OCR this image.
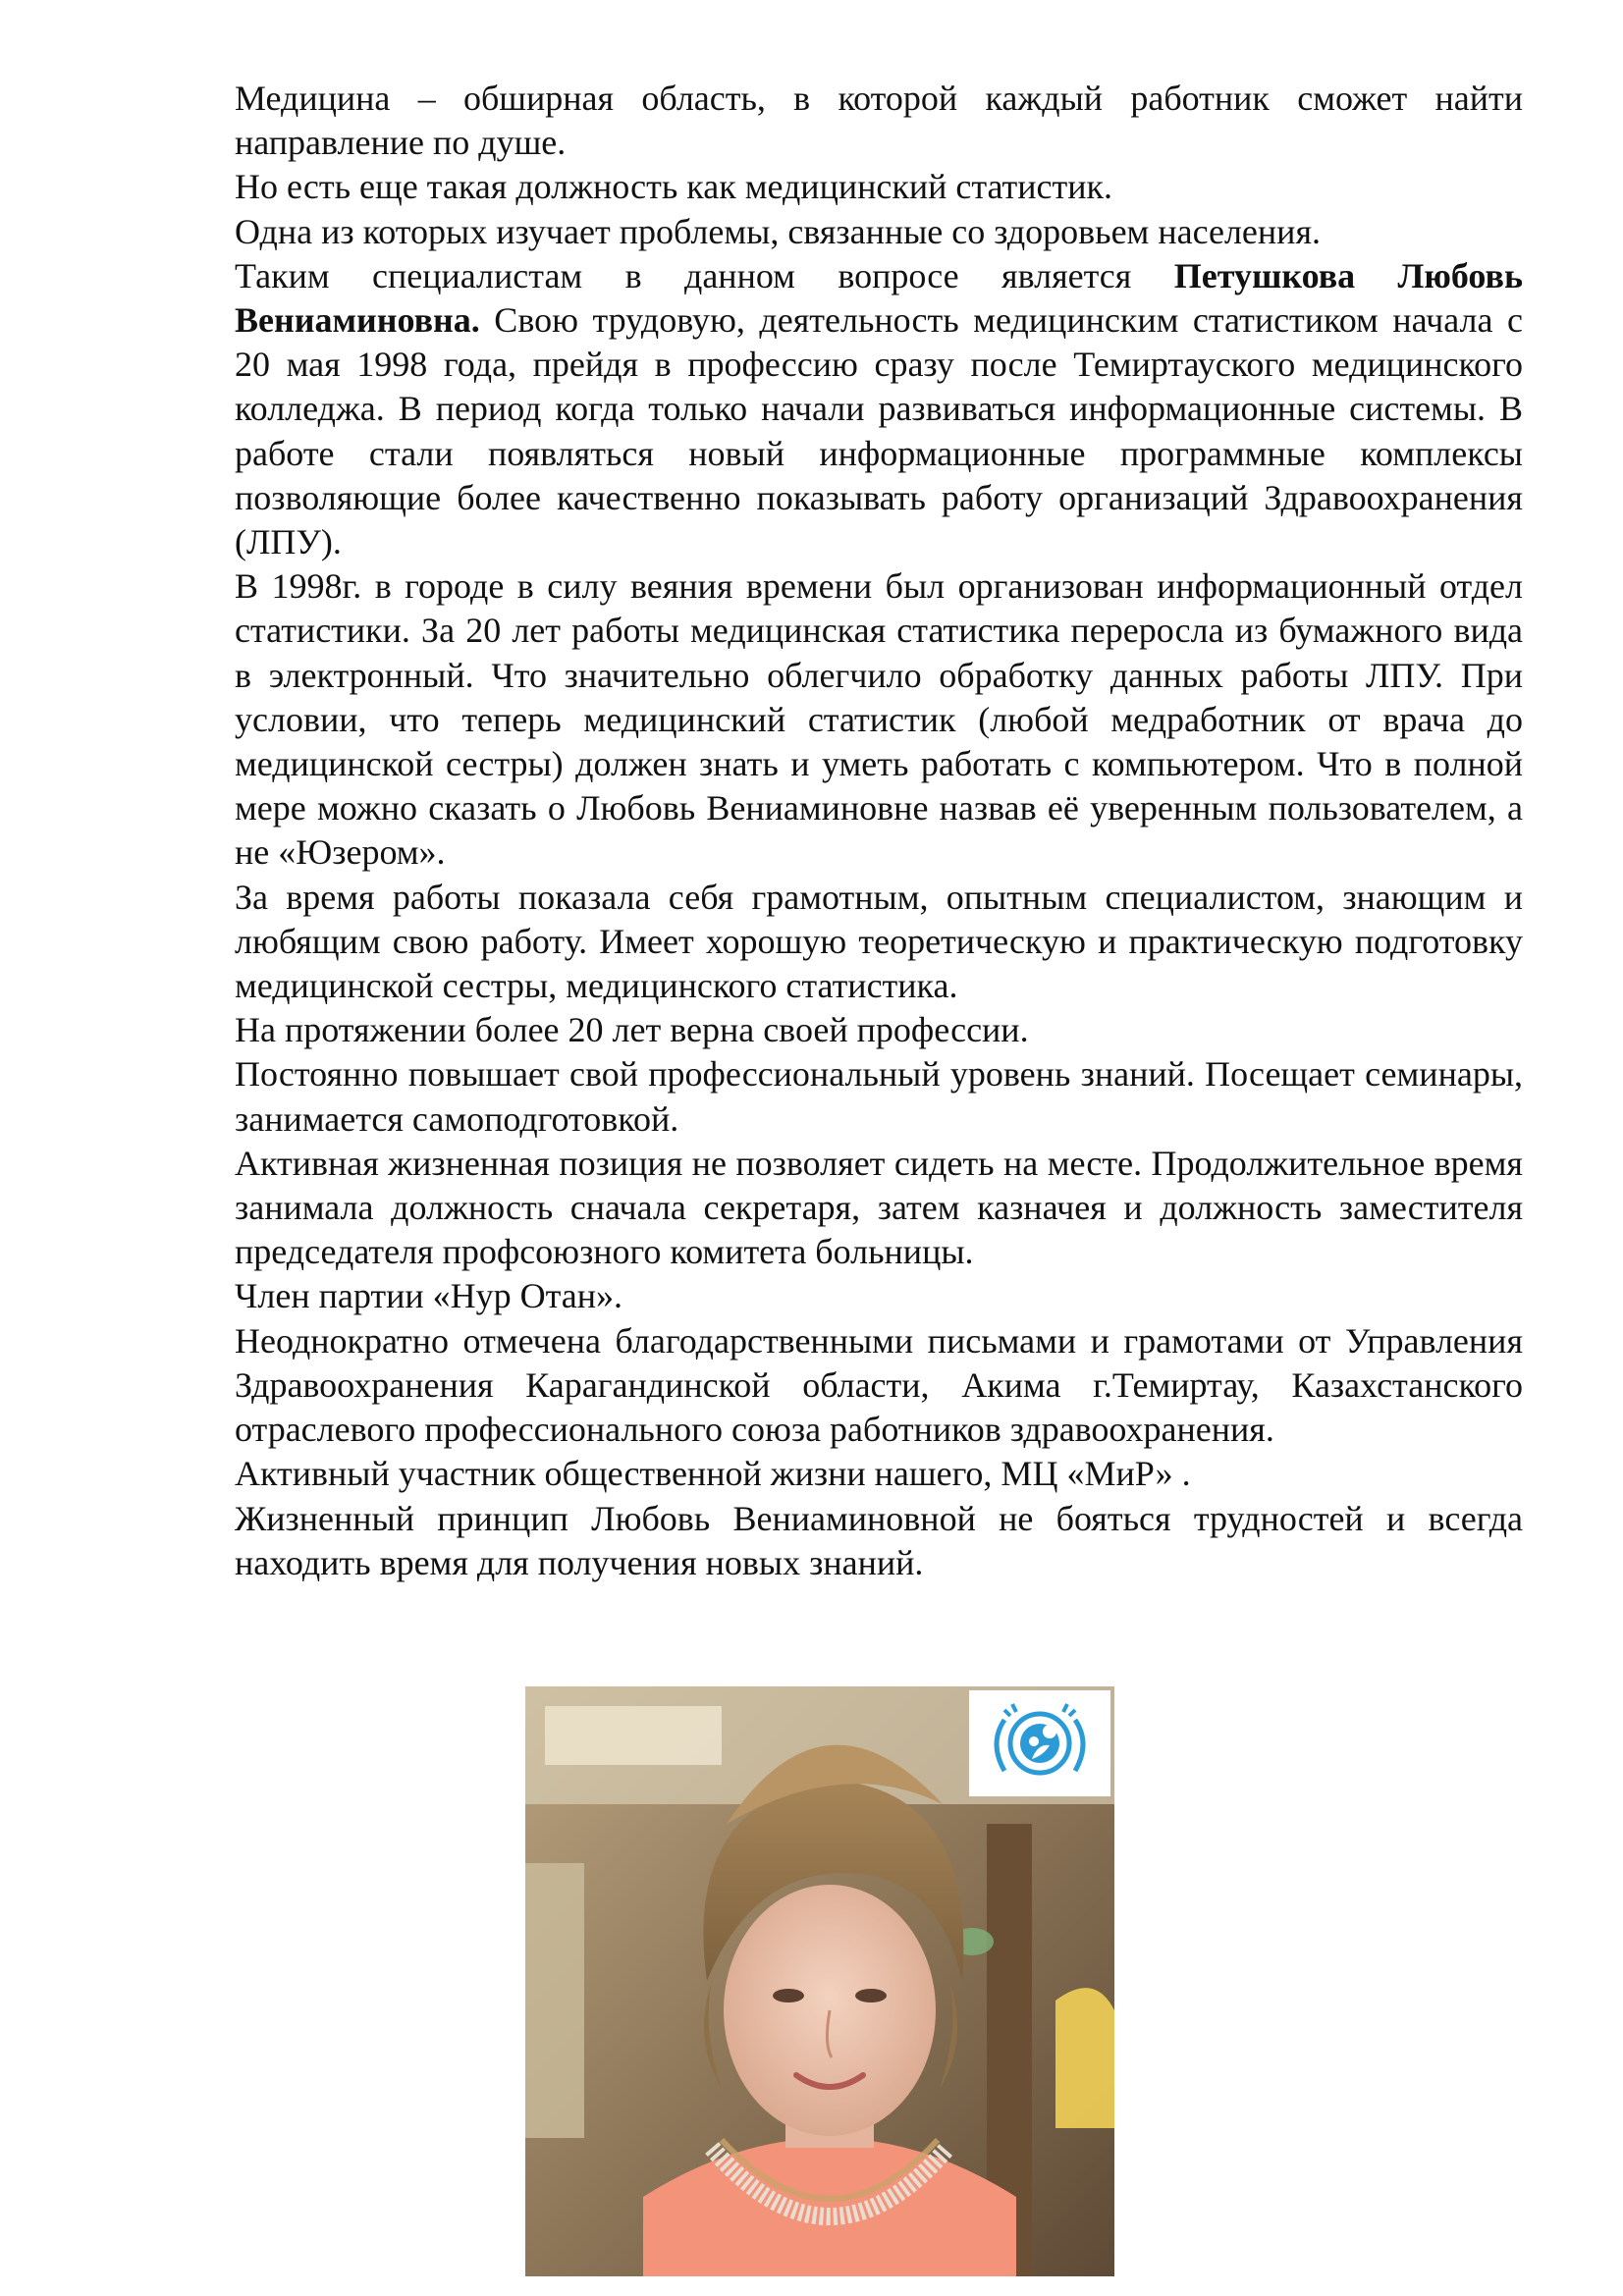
Медицина – обширная область, в которой каждый работник сможет найти направление по душе.

Но есть еще такая должность как медицинский статистик.

Одна из которых изучает проблемы, связанные со здоровьем населения.

Таким специалистам в данном вопросе является Петушкова Любовь Вениаминовна. Свою трудовую, деятельность медицинским статистиком начала с 20 мая 1998 года, прейдя в профессию сразу после Темиртауского медицинского колледжа. В период когда только начали развиваться информационные системы. В работе стали появляться новый информационные программные комплексы позволяющие более качественно показывать работу организаций Здравоохранения (ЛПУ).

В 1998г. в городе в силу веяния времени был организован информационный отдел статистики. За 20 лет работы медицинская статистика переросла из бумажного вида в электронный. Что значительно облегчило обработку данных работы ЛПУ. При условии, что теперь медицинский статистик (любой медработник от врача до медицинской сестры) должен знать и уметь работать с компьютером. Что в полной мере можно сказать о Любовь Вениаминовне назвав её уверенным пользователем, а не «Юзером».

За время работы показала себя грамотным, опытным специалистом, знающим и любящим свою работу. Имеет хорошую теоретическую и практическую подготовку медицинской сестры, медицинского статистика.

На протяжении более 20 лет верна своей профессии.

Постоянно повышает свой профессиональный уровень знаний. Посещает семинары, занимается самоподготовкой.

Активная жизненная позиция не позволяет сидеть на месте. Продолжительное время занимала должность сначала секретаря, затем казначея и должность заместителя председателя профсоюзного комитета больницы.

Член партии «Нур Отан».

Неоднократно отмечена благодарственными письмами и грамотами от Управления Здравоохранения Карагандинской области, Акима г.Темиртау, Казахстанского отраслевого профессионального союза работников здравоохранения.

Активный участник общественной жизни нашего, МЦ «МиР» .

Жизненный принцип Любовь Вениаминовной не бояться трудностей и всегда находить время для получения новых знаний.
